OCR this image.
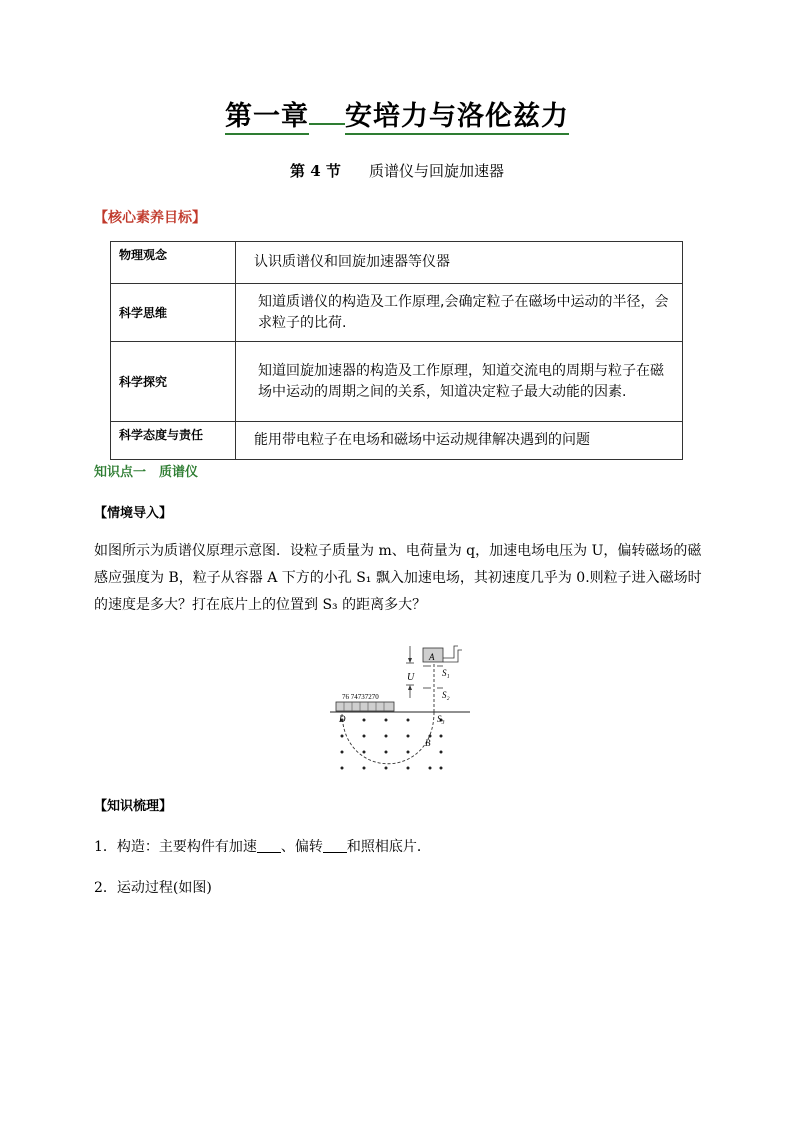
第一章 安培力与洛伦兹力
第 4 节 质谱仪与回旋加速器
【核心素养目标】
物理观念	认识质谱仪和回旋加速器等仪器
科学思维	知道质谱仪的构造及工作原理,会确定粒子在磁场中运动的半径，会求粒子的比荷.
科学探究	知道回旋加速器的构造及工作原理，知道交流电的周期与粒子在磁场中运动的周期之间的关系，知道决定粒子最大动能的因素.
科学态度与责任	能用带电粒子在电场和磁场中运动规律解决遇到的问题
知识点一　质谱仪
【情境导入】
如图所示为质谱仪原理示意图．设粒子质量为 m、电荷量为 q，加速电场电压为 U，偏转磁场的磁感应强度为 B，粒子从容器 A 下方的小孔 S₁ 飘入加速电场，其初速度几乎为 0.则粒子进入磁场时的速度是多大？打在底片上的位置到 S₃ 的距离多大？
76 74737270
A
S₁
S₂
S₃
U
D
B
【知识梳理】
1．构造：主要构件有加速 、偏转 和照相底片．
2．运动过程(如图)
